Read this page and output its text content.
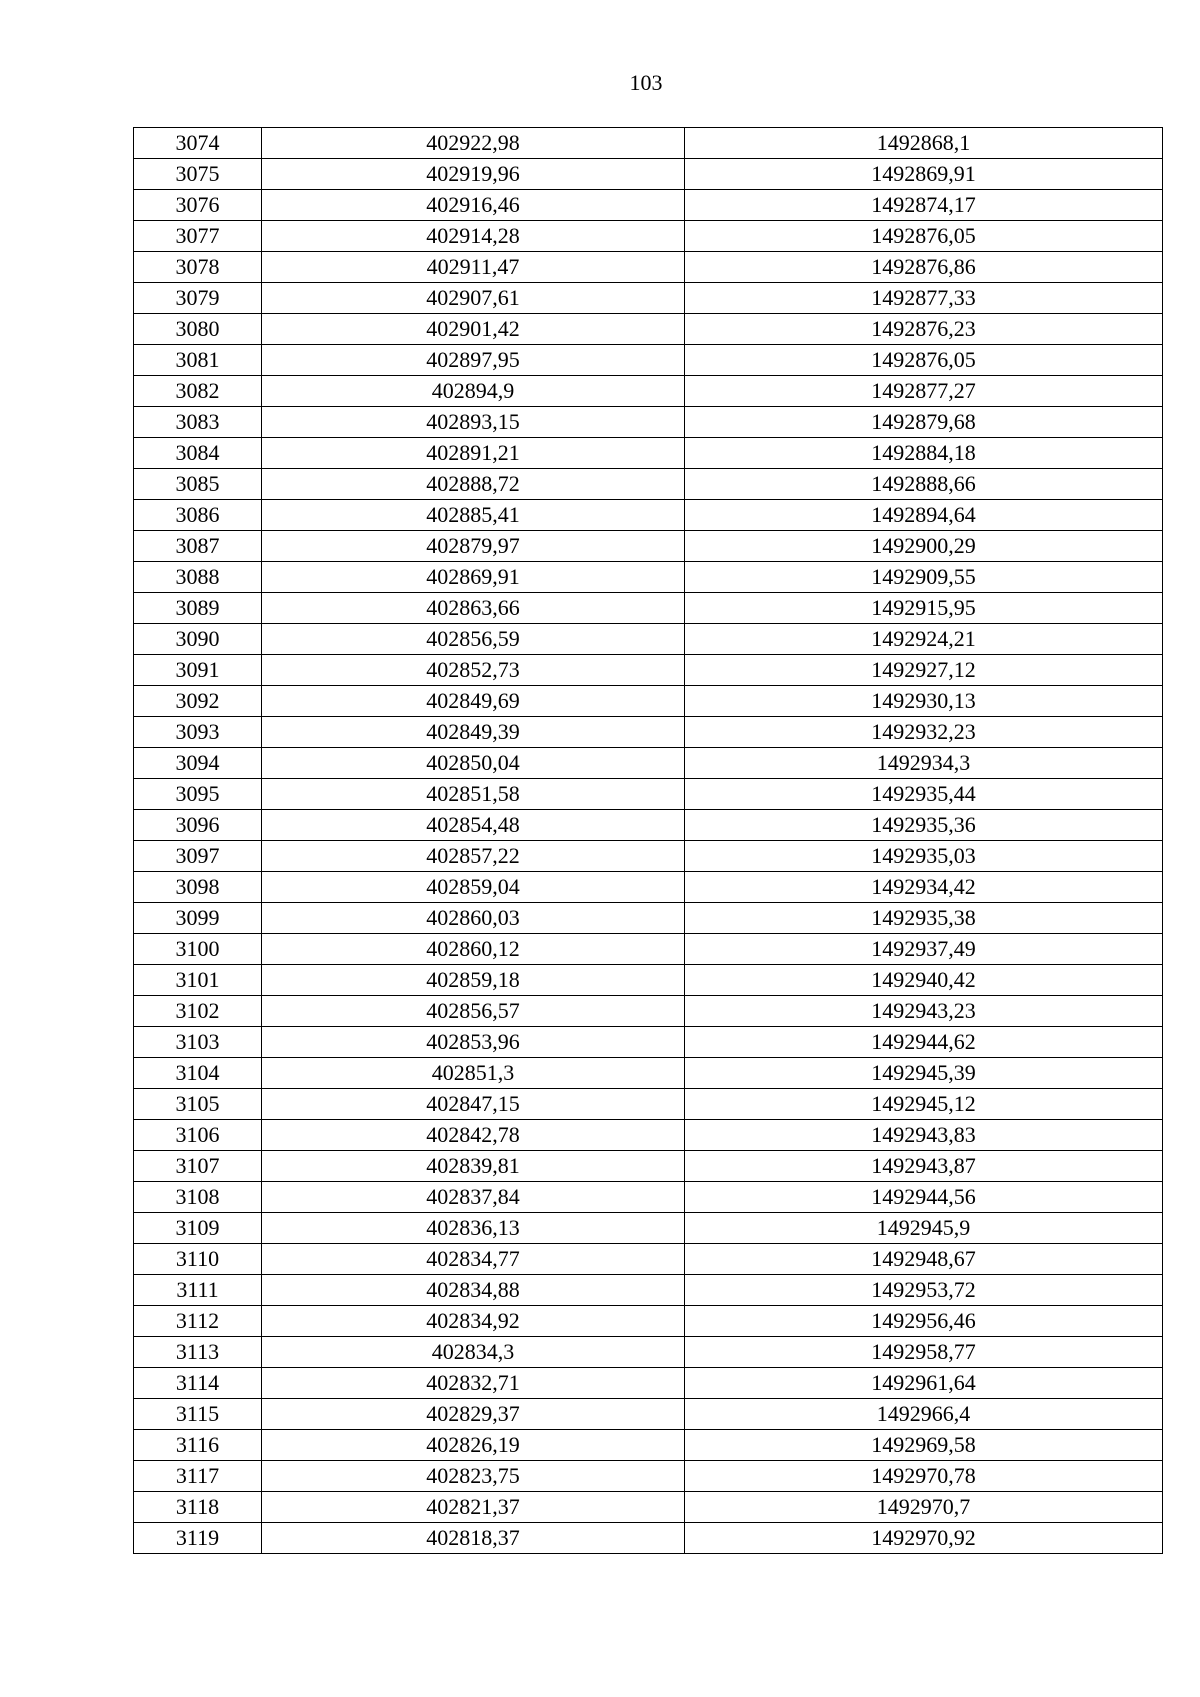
103
3074	402922,98	1492868,1
3075	402919,96	1492869,91
3076	402916,46	1492874,17
3077	402914,28	1492876,05
3078	402911,47	1492876,86
3079	402907,61	1492877,33
3080	402901,42	1492876,23
3081	402897,95	1492876,05
3082	402894,9	1492877,27
3083	402893,15	1492879,68
3084	402891,21	1492884,18
3085	402888,72	1492888,66
3086	402885,41	1492894,64
3087	402879,97	1492900,29
3088	402869,91	1492909,55
3089	402863,66	1492915,95
3090	402856,59	1492924,21
3091	402852,73	1492927,12
3092	402849,69	1492930,13
3093	402849,39	1492932,23
3094	402850,04	1492934,3
3095	402851,58	1492935,44
3096	402854,48	1492935,36
3097	402857,22	1492935,03
3098	402859,04	1492934,42
3099	402860,03	1492935,38
3100	402860,12	1492937,49
3101	402859,18	1492940,42
3102	402856,57	1492943,23
3103	402853,96	1492944,62
3104	402851,3	1492945,39
3105	402847,15	1492945,12
3106	402842,78	1492943,83
3107	402839,81	1492943,87
3108	402837,84	1492944,56
3109	402836,13	1492945,9
3110	402834,77	1492948,67
3111	402834,88	1492953,72
3112	402834,92	1492956,46
3113	402834,3	1492958,77
3114	402832,71	1492961,64
3115	402829,37	1492966,4
3116	402826,19	1492969,58
3117	402823,75	1492970,78
3118	402821,37	1492970,7
3119	402818,37	1492970,92
